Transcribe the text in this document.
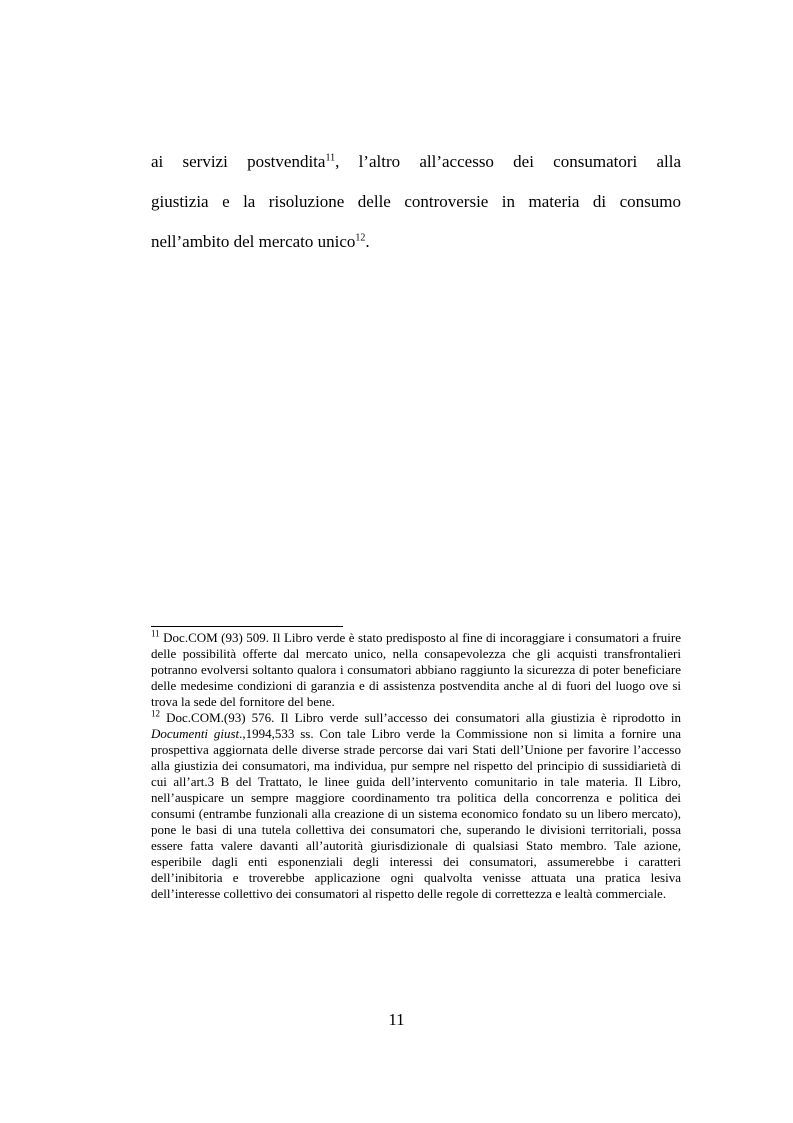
ai servizi postvendita$^{11}$, l’altro all’accesso dei consumatori alla
giustizia e la risoluzione delle controversie in materia di consumo
nell’ambito del mercato unico$^{12}$.

$^{11}$ Doc.COM (93) 509. Il Libro verde è stato predisposto al fine di incoraggiare i consumatori a fruire delle possibilità offerte dal mercato unico, nella consapevolezza che gli acquisti transfrontalieri potranno evolversi soltanto qualora i consumatori abbiano raggiunto la sicurezza di poter beneficiare delle medesime condizioni di garanzia e di assistenza postvendita anche al di fuori del luogo ove si trova la sede del fornitore del bene.

$^{12}$ Doc.COM.(93) 576. Il Libro verde sull’accesso dei consumatori alla giustizia è riprodotto in Documenti giust.,1994,533 ss. Con tale Libro verde la Commissione non si limita a fornire una prospettiva aggiornata delle diverse strade percorse dai vari Stati dell’Unione per favorire l’accesso alla giustizia dei consumatori, ma individua, pur sempre nel rispetto del principio di sussidiarietà di cui all’art.3 B del Trattato, le linee guida dell’intervento comunitario in tale materia. Il Libro, nell’auspicare un sempre maggiore coordinamento tra politica della concorrenza e politica dei consumi (entrambe funzionali alla creazione di un sistema economico fondato su un libero mercato), pone le basi di una tutela collettiva dei consumatori che, superando le divisioni territoriali, possa essere fatta valere davanti all’autorità giurisdizionale di qualsiasi Stato membro. Tale azione, esperibile dagli enti esponenziali degli interessi dei consumatori, assumerebbe i caratteri dell’inibitoria e troverebbe applicazione ogni qualvolta venisse attuata una pratica lesiva dell’interesse collettivo dei consumatori al rispetto delle regole di correttezza e lealtà commerciale.

11
